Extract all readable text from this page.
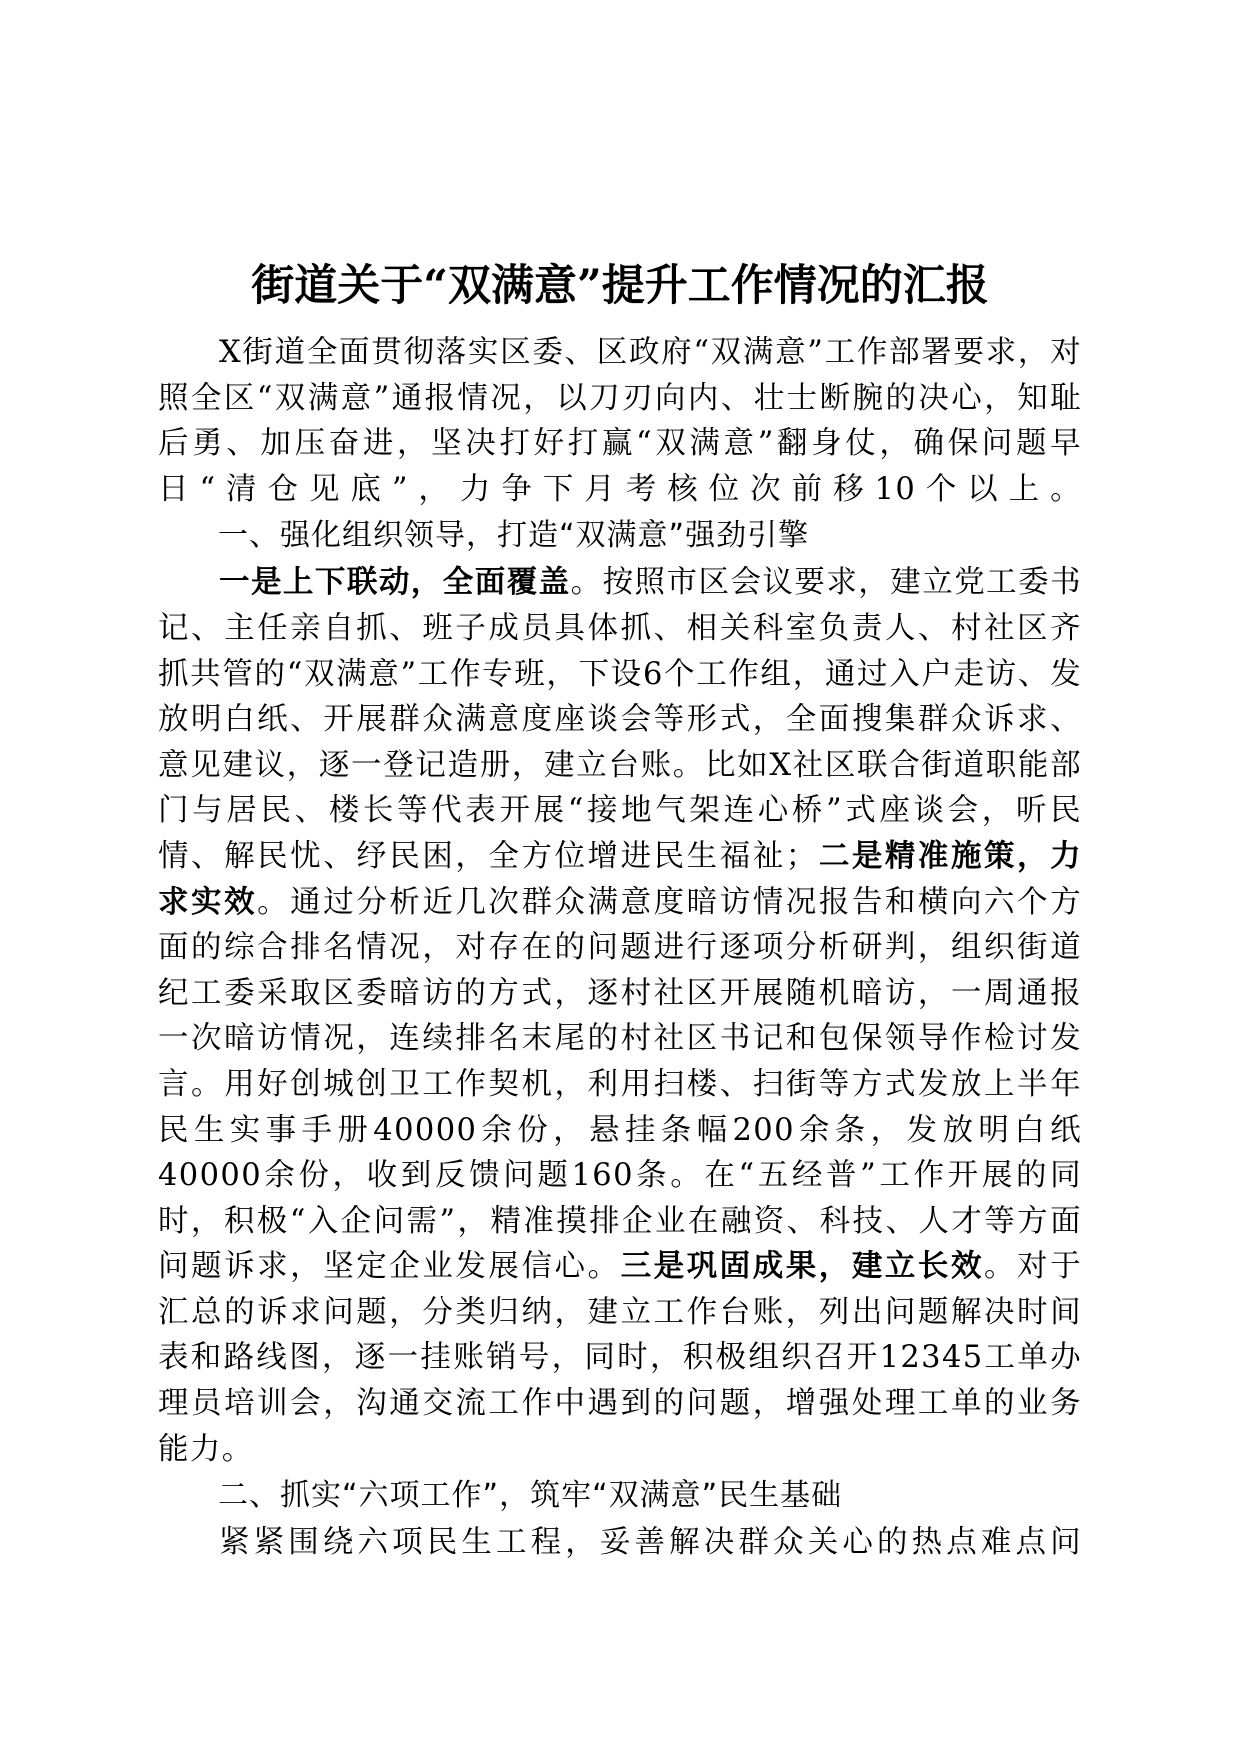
街道关于“双满意”提升工作情况的汇报

X街道全面贯彻落实区委、区政府“双满意”工作部署要求，对照全区“双满意”通报情况，以刀刃向内、壮士断腕的决心，知耻后勇、加压奋进，坚决打好打赢“双满意”翻身仗，确保问题早日“清仓见底”，力争下月考核位次前移10个以上。

一、强化组织领导，打造“双满意”强劲引擎

一是上下联动，全面覆盖。按照市区会议要求，建立党工委书记、主任亲自抓、班子成员具体抓、相关科室负责人、村社区齐抓共管的“双满意”工作专班，下设6个工作组，通过入户走访、发放明白纸、开展群众满意度座谈会等形式，全面搜集群众诉求、意见建议，逐一登记造册，建立台账。比如X社区联合街道职能部门与居民、楼长等代表开展“接地气架连心桥”式座谈会，听民情、解民忧、纾民困，全方位增进民生福祉；二是精准施策，力求实效。通过分析近几次群众满意度暗访情况报告和横向六个方面的综合排名情况，对存在的问题进行逐项分析研判，组织街道纪工委采取区委暗访的方式，逐村社区开展随机暗访，一周通报一次暗访情况，连续排名末尾的村社区书记和包保领导作检讨发言。用好创城创卫工作契机，利用扫楼、扫街等方式发放上半年民生实事手册40000余份，悬挂条幅200余条，发放明白纸40000余份，收到反馈问题160条。在“五经普”工作开展的同时，积极“入企问需”，精准摸排企业在融资、科技、人才等方面问题诉求，坚定企业发展信心。三是巩固成果，建立长效。对于汇总的诉求问题，分类归纳，建立工作台账，列出问题解决时间表和路线图，逐一挂账销号，同时，积极组织召开12345工单办理员培训会，沟通交流工作中遇到的问题，增强处理工单的业务能力。

二、抓实“六项工作”，筑牢“双满意”民生基础

紧紧围绕六项民生工程，妥善解决群众关心的热点难点问
